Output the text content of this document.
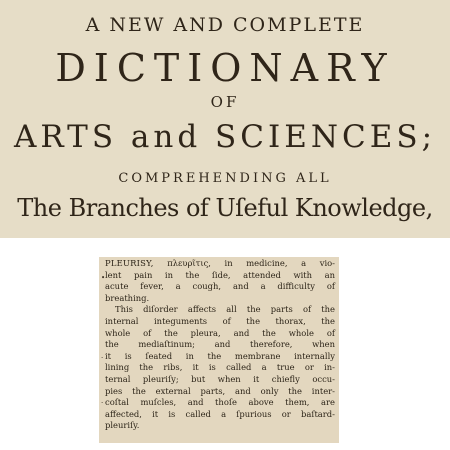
A NEW AND COMPLETE
DICTIONARY
OF
ARTS and SCIENCES;
COMPREHENDING ALL
The Branches of Uſeful Knowledge,
•
·
·
PLEURISY, πλευρῖτις, in medicine, a vio-
lent pain in the ſide, attended with an
acute fever, a cough, and a difficulty of
breathing.
This diſorder affects all the parts of the
internal integuments of the thorax, the
whole of the pleura, and the whole of
the mediaſtinum; and therefore, when
it is ſeated in the membrane internally
lining the ribs, it is called a true or in-
ternal pleuriſy; but when it chiefly occu-
pies the external parts, and only the inter-
coſtal muſcles, and thoſe above them, are
affected, it is called a ſpurious or baſtard-
pleuriſy.
